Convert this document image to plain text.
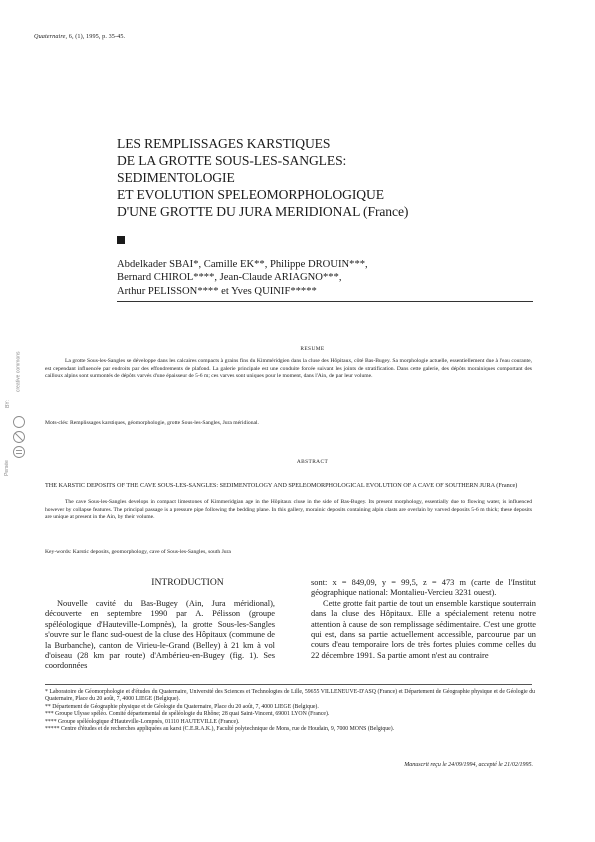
Quaternaire, 6, (1), 1995, p. 35-45.
Persée
BY:
creative commons
LES REMPLISSAGES KARSTIQUES
DE LA GROTTE SOUS-LES-SANGLES:
SEDIMENTOLOGIE
ET EVOLUTION SPELEOMORPHOLOGIQUE
D'UNE GROTTE DU JURA MERIDIONAL (France)
Abdelkader SBAI*, Camille EK**, Philippe DROUIN***,
Bernard CHIROL****, Jean-Claude ARIAGNO***,
Arthur PELISSON**** et Yves QUINIF*****
RESUME
La grotte Sous-les-Sangles se développe dans les calcaires compacts à grains fins du Kimméridgien dans la cluse des Hôpitaux, côté Bas-Bugey. Sa morphologie actuelle, essentiellement due à l'eau courante, est cependant influencée par endroits par des effondrements de plafond. La galerie principale est une conduite forcée suivant les joints de stratification. Dans cette galerie, des dépôts morainiques comportant des cailloux alpins sont surmontés de dépôts varvés d'une épaisseur de 5-6 m; ces varves sont uniques pour le moment, dans l'Ain, de par leur volume.
Mots-clés: Remplissages karstiques, géomorphologie, grotte Sous-les-Sangles, Jura méridional.
ABSTRACT
THE KARSTIC DEPOSITS OF THE CAVE SOUS-LES-SANGLES: SEDIMENTOLOGY AND SPELEOMORPHOLOGICAL EVOLUTION OF A CAVE OF SOUTHERN JURA (France)
The cave Sous-les-Sangles develops in compact limestones of Kimmeridgian age in the Hôpitaux cluse in the side of Bas-Bugey. Its present morphology, essentially due to flowing water, is influenced however by collapse features. The principal passage is a pressure pipe following the bedding plane. In this gallery, morainic deposits containing alpin clasts are overlain by varved deposits 5-6 m thick; these deposits are unique at present in the Ain, by their volume.
Key-words: Karstic deposits, geomorphology, cave of Sous-les-Sangles, south Jura
INTRODUCTION
Nouvelle cavité du Bas-Bugey (Ain, Jura méridional), découverte en septembre 1990 par A. Pélisson (groupe spéléologique d'Hauteville-Lompnès), la grotte Sous-les-Sangles s'ouvre sur le flanc sud-ouest de la cluse des Hôpitaux (commune de la Burbanche), canton de Virieu-le-Grand (Belley) à 21 km à vol d'oiseau (28 km par route) d'Ambérieu-en-Bugey (fig. 1). Ses coordonnées

sont: x = 849,09, y = 99,5, z = 473 m (carte de l'Institut géographique national: Montalieu-Vercieu 3231 ouest).

Cette grotte fait partie de tout un ensemble karstique souterrain dans la cluse des Hôpitaux. Elle a spécialement retenu notre attention à cause de son remplissage sédimentaire. C'est une grotte qui est, dans sa partie actuellement accessible, parcourue par un cours d'eau temporaire lors de très fortes pluies comme celles du 22 décembre 1991. Sa partie amont n'est au contraire

* Laboratoire de Géomorphologie et d'études du Quaternaire, Université des Sciences et Technologies de Lille, 59655 VILLENEUVE-D'ASQ (France) et Département de Géographie physique et de Géologie du Quaternaire, Place du 20 août, 7, 4000 LIEGE (Belgique).
** Département de Géographie physique et de Géologie du Quaternaire, Place du 20 août, 7, 4000 LIEGE (Belgique).
*** Groupe Ulysse spéléo. Comité départemental de spéléologie du Rhône; 28 quai Saint-Vincent, 69001 LYON (France).
**** Groupe spéléologique d'Hauteville-Lompnès, 01110 HAUTEVILLE (France).
***** Centre d'études et de recherches appliquées au karst (C.E.R.A.K.), Faculté polytechnique de Mons, rue de Houdain, 9, 7000 MONS (Belgique).
Manuscrit reçu le 24/09/1994, accepté le 21/02/1995.
